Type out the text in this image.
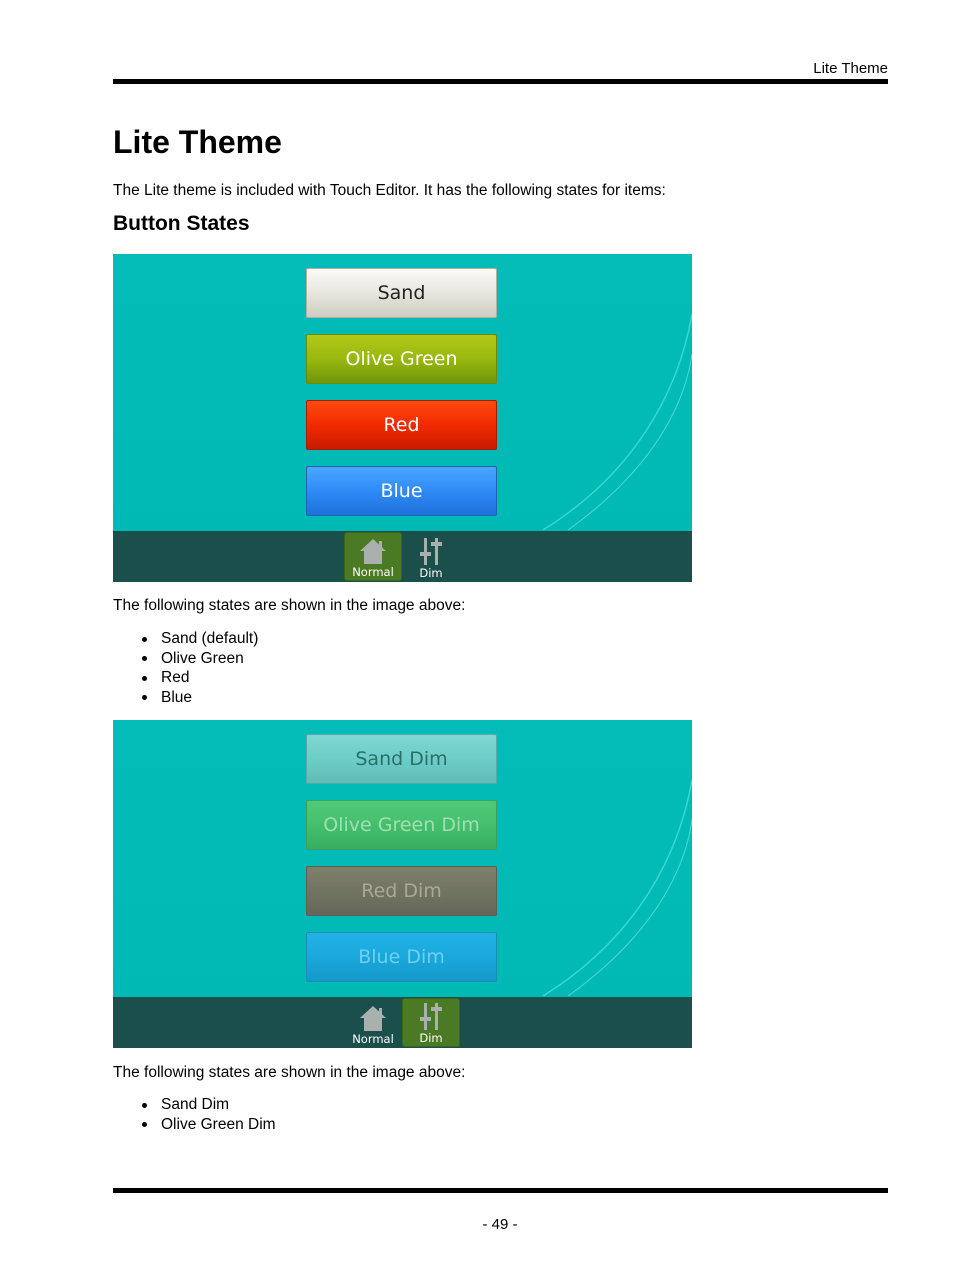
Lite Theme
Lite Theme
The Lite theme is included with Touch Editor. It has the following states for items:
Button States
Sand
Olive Green
Red
Blue
Normal Dim
The following states are shown in the image above:
Sand (default)
Olive Green
Red
Blue
Sand Dim
Olive Green Dim
Red Dim
Blue Dim
Normal Dim
The following states are shown in the image above:
Sand Dim
Olive Green Dim
- 49 -
